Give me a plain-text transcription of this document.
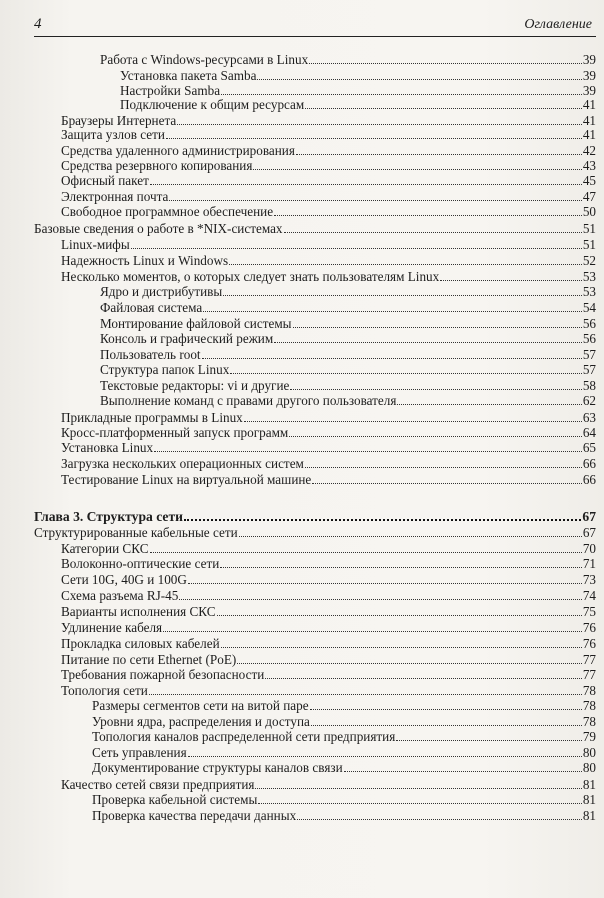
4	Оглавление
Работа с Windows-ресурсами в Linux	39
Установка пакета Samba	39
Настройки Samba	39
Подключение к общим ресурсам	41
Браузеры Интернета	41
Защита узлов сети	41
Средства удаленного администрирования	42
Средства резервного копирования	43
Офисный пакет	45
Электронная почта	47
Свободное программное обеспечение	50
Базовые сведения о работе в *NIX-системах	51
Linux-мифы	51
Надежность Linux и Windows	52
Несколько моментов, о которых следует знать пользователям Linux	53
Ядро и дистрибутивы	53
Файловая система	54
Монтирование файловой системы	56
Консоль и графический режим	56
Пользователь root	57
Структура папок Linux	57
Текстовые редакторы: vi и другие	58
Выполнение команд с правами другого пользователя	62
Прикладные программы в Linux	63
Кросс-платформенный запуск программ	64
Установка Linux	65
Загрузка нескольких операционных систем	66
Тестирование Linux на виртуальной машине	66
Глава 3. Структура сети	67
Структурированные кабельные сети	67
Категории СКС	70
Волоконно-оптические сети	71
Сети 10G, 40G и 100G	73
Схема разъема RJ-45	74
Варианты исполнения СКС	75
Удлинение кабеля	76
Прокладка силовых кабелей	76
Питание по сети Ethernet (PoE)	77
Требования пожарной безопасности	77
Топология сети	78
Размеры сегментов сети на витой паре	78
Уровни ядра, распределения и доступа	78
Топология каналов распределенной сети предприятия	79
Сеть управления	80
Документирование структуры каналов связи	80
Качество сетей связи предприятия	81
Проверка кабельной системы	81
Проверка качества передачи данных	81
